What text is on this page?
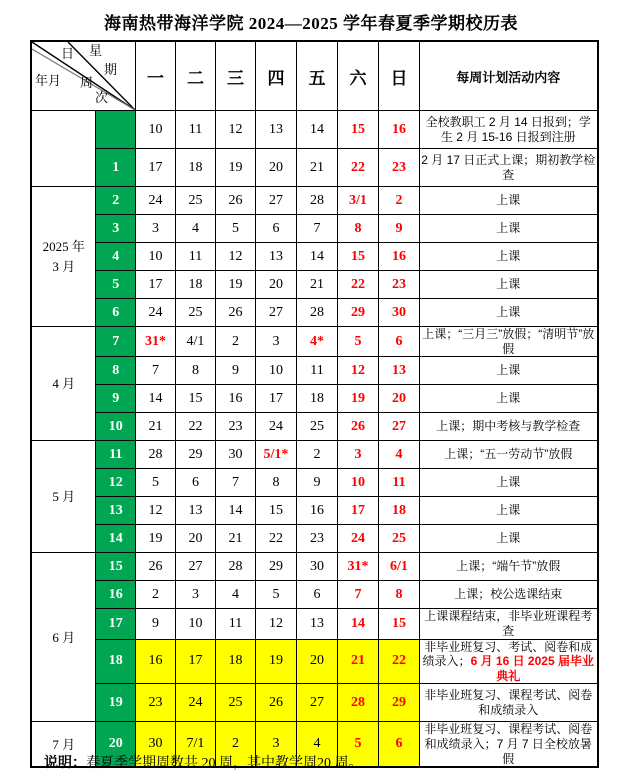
海南热带海洋学院 2024—2025 学年春夏季学期校历表
日 星
期
年月 周
次
	一	二	三	四	五	六	日	每周计划活动内容
		10	11	12	13	14	15	16	全校教职工 2 月 14 日报到；学生 2 月 15-16 日报到注册
	1	17	18	19	20	21	22	23	2 月 17 日正式上课；期初教学检查
2025 年
3 月	2	24	25	26	27	28	3/1	2	上课
	3	3	4	5	6	7	8	9	上课
	4	10	11	12	13	14	15	16	上课
	5	17	18	19	20	21	22	23	上课
	6	24	25	26	27	28	29	30	上课
4 月	7	31*	4/1	2	3	4*	5	6	上课；“三月三”放假；“清明节”放假
	8	7	8	9	10	11	12	13	上课
	9	14	15	16	17	18	19	20	上课
	10	21	22	23	24	25	26	27	上课；期中考核与教学检查
5 月	11	28	29	30	5/1*	2	3	4	上课；“五一劳动节”放假
	12	5	6	7	8	9	10	11	上课
	13	12	13	14	15	16	17	18	上课
	14	19	20	21	22	23	24	25	上课
6 月	15	26	27	28	29	30	31*	6/1	上课；“端午节”放假
	16	2	3	4	5	6	7	8	上课；校公选课结束
	17	9	10	11	12	13	14	15	上课课程结束，非毕业班课程考查
	18	16	17	18	19	20	21	22	非毕业班复习、考试、阅卷和成绩录入；6 月 16 日 2025 届毕业典礼
	19	23	24	25	26	27	28	29	非毕业班复习、课程考试、阅卷和成绩录入
7 月	20	30	7/1	2	3	4	5	6	非毕业班复习、课程考试、阅卷和成绩录入；7 月 7 日全校放暑假
说明：春夏季学期周数共 20 周，其中教学周20 周。
